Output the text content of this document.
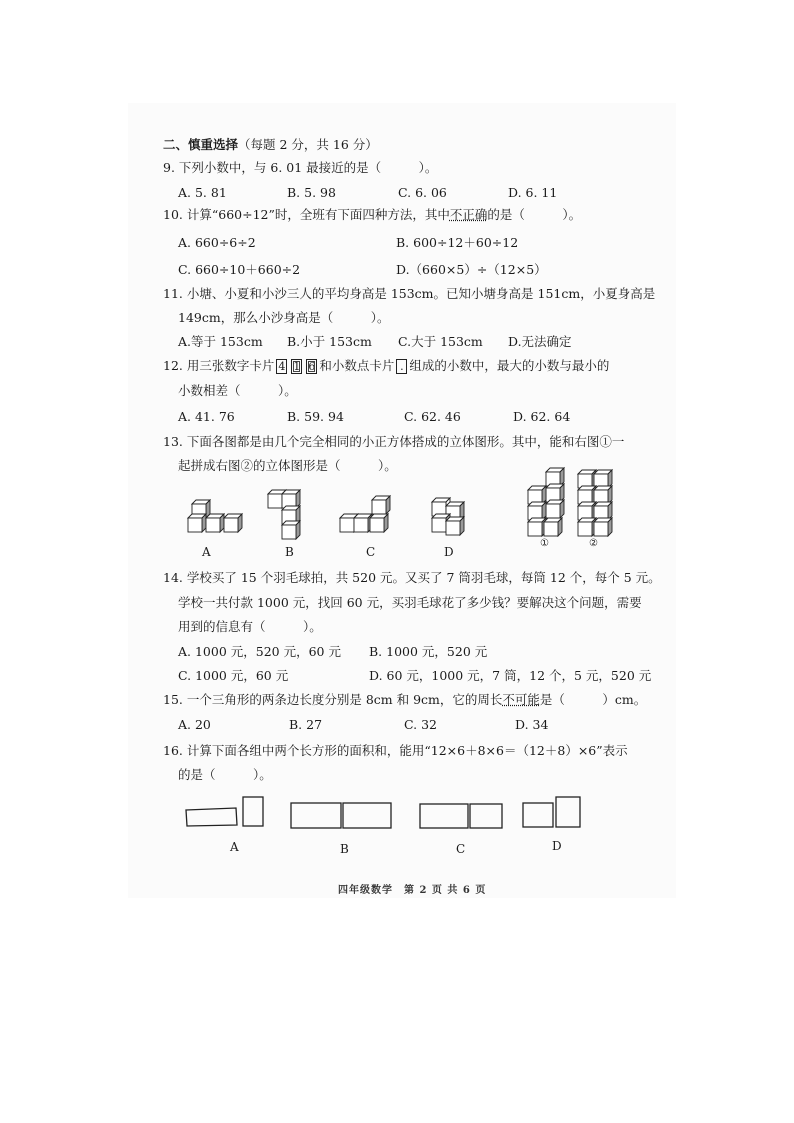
二、慎重选择（每题 2 分，共 16 分）
9. 下列小数中，与 6. 01 最接近的是（　　　）。
A. 5. 81	B. 5. 98	C. 6. 06	D. 6. 11
10. 计算“660÷12”时，全班有下面四种方法，其中不正确的是（　　　）。
A. 660÷6÷2	B. 600÷12＋60÷12
C. 660÷10＋660÷2	D.（660×5）÷（12×5）
11. 小塘、小夏和小沙三人的平均身高是 153cm。已知小塘身高是 151cm，小夏身高是
149cm，那么小沙身高是（　　　）。
A.等于 153cm B.小于 153cm C.大于 153cm D.无法确定
12. 用三张数字卡片 4 1 6 和小数点卡片 . 组成的小数中，最大的小数与最小的
小数相差（　　　）。
A. 41. 76	B. 59. 94	C. 62. 46	D. 62. 64
13. 下面各图都是由几个完全相同的小正方体搭成的立体图形。其中，能和右图①一
起拼成右图②的立体图形是（　　　）。
A	B	C	D
①	②
14. 学校买了 15 个羽毛球拍，共 520 元。又买了 7 筒羽毛球，每筒 12 个，每个 5 元。
学校一共付款 1000 元，找回 60 元，买羽毛球花了多少钱？要解决这个问题，需要
用到的信息有（　　　）。
A. 1000 元，520 元，60 元 B. 1000 元，520 元
C. 1000 元，60 元	D. 60 元，1000 元，7 筒，12 个，5 元，520 元
15. 一个三角形的两条边长度分别是 8cm 和 9cm，它的周长不可能是（　　　）cm。
A. 20	B. 27	C. 32	D. 34
16. 计算下面各组中两个长方形的面积和，能用“12×6＋8×6＝（12＋8）×6”表示
的是（　　　）。
A	B	C	D
四年级数学　第 2 页 共 6 页
